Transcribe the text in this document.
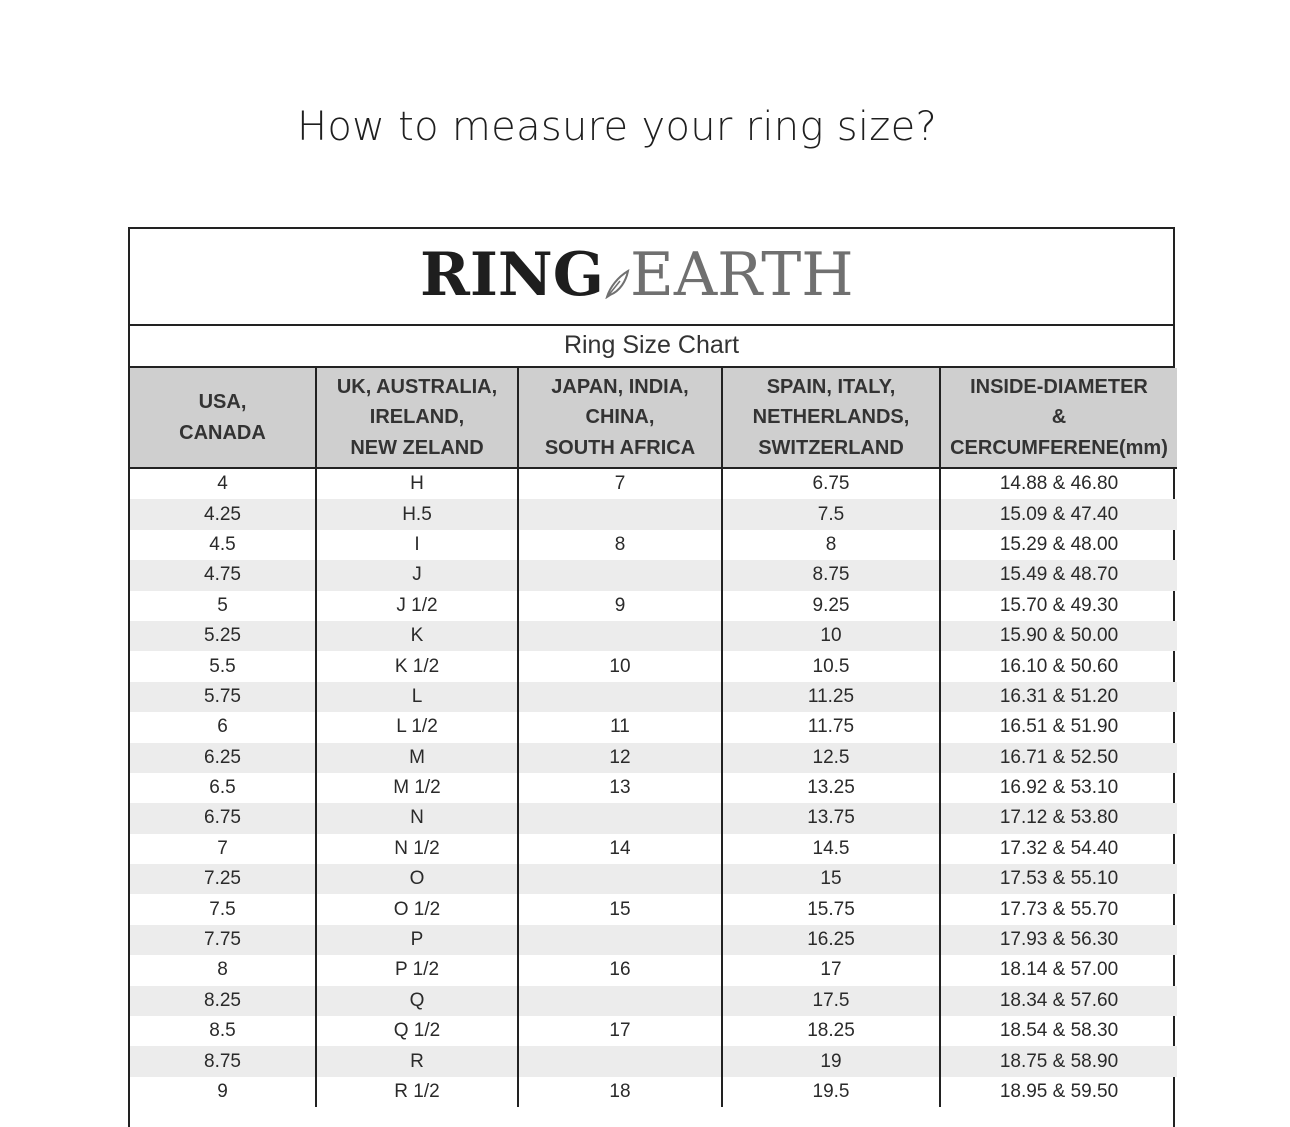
How to measure your ring size?
RING EARTH
Ring Size Chart
USA,
CANADA	UK, AUSTRALIA,
IRELAND,
NEW ZELAND	JAPAN, INDIA,
CHINA,
SOUTH AFRICA	SPAIN, ITALY,
NETHERLANDS,
SWITZERLAND	INSIDE-DIAMETER
&
CERCUMFERENE(mm)

4	H	7	6.75	14.88 & 46.80
4.25	H.5		7.5	15.09 & 47.40
4.5	I	8	8	15.29 & 48.00
4.75	J		8.75	15.49 & 48.70
5	J 1/2	9	9.25	15.70 & 49.30
5.25	K		10	15.90 & 50.00
5.5	K 1/2	10	10.5	16.10 & 50.60
5.75	L		11.25	16.31 & 51.20
6	L 1/2	11	11.75	16.51 & 51.90
6.25	M	12	12.5	16.71 & 52.50
6.5	M 1/2	13	13.25	16.92 & 53.10
6.75	N		13.75	17.12 & 53.80
7	N 1/2	14	14.5	17.32 & 54.40
7.25	O		15	17.53 & 55.10
7.5	O 1/2	15	15.75	17.73 & 55.70
7.75	P		16.25	17.93 & 56.30
8	P 1/2	16	17	18.14 & 57.00
8.25	Q		17.5	18.34 & 57.60
8.5	Q 1/2	17	18.25	18.54 & 58.30
8.75	R		19	18.75 & 58.90
9	R 1/2	18	19.5	18.95 & 59.50
